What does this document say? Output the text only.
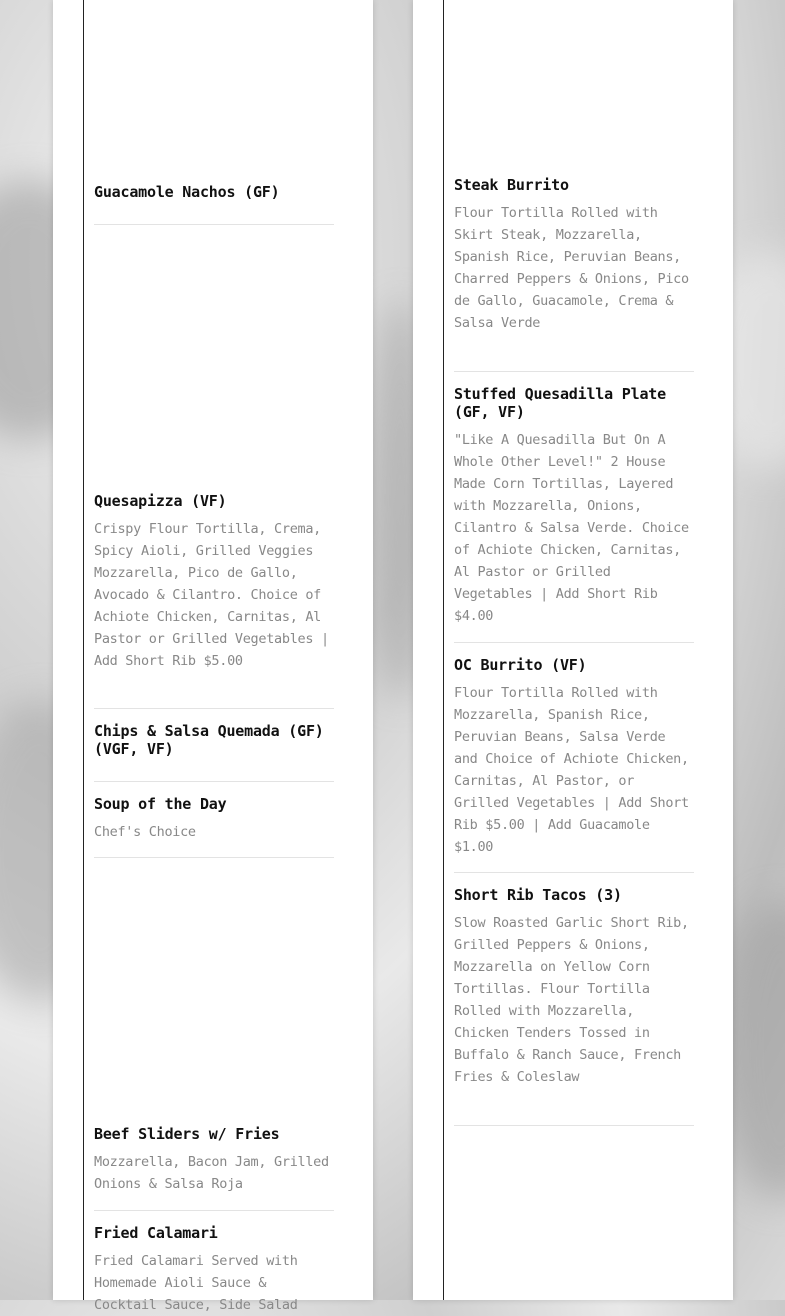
Guacamole Nachos (GF)
Quesapizza (VF)

Crispy Flour Tortilla, Crema, Spicy Aioli, Grilled Veggies Mozzarella, Pico de Gallo, Avocado & Cilantro. Choice of Achiote Chicken, Carnitas, Al Pastor or Grilled Vegetables | Add Short Rib $5.00

Chips & Salsa Quemada (GF) (VGF, VF)
Soup of the Day

Chef's Choice

Beef Sliders w/ Fries

Mozzarella, Bacon Jam, Grilled Onions & Salsa Roja

Fried Calamari

Fried Calamari Served with Homemade Aioli Sauce & Cocktail Sauce, Side Salad

Steak Burrito

Flour Tortilla Rolled with Skirt Steak, Mozzarella, Spanish Rice, Peruvian Beans, Charred Peppers & Onions, Pico de Gallo, Guacamole, Crema & Salsa Verde

Stuffed Quesadilla Plate (GF, VF)

"Like A Quesadilla But On A Whole Other Level!" 2 House Made Corn Tortillas, Layered with Mozzarella, Onions, Cilantro & Salsa Verde. Choice of Achiote Chicken, Carnitas, Al Pastor or Grilled Vegetables | Add Short Rib $4.00

OC Burrito (VF)

Flour Tortilla Rolled with Mozzarella, Spanish Rice, Peruvian Beans, Salsa Verde and Choice of Achiote Chicken, Carnitas, Al Pastor, or Grilled Vegetables | Add Short Rib $5.00 | Add Guacamole $1.00

Short Rib Tacos (3)

Slow Roasted Garlic Short Rib, Grilled Peppers & Onions, Mozzarella on Yellow Corn Tortillas. Flour Tortilla Rolled with Mozzarella, Chicken Tenders Tossed in Buffalo & Ranch Sauce, French Fries & Coleslaw
